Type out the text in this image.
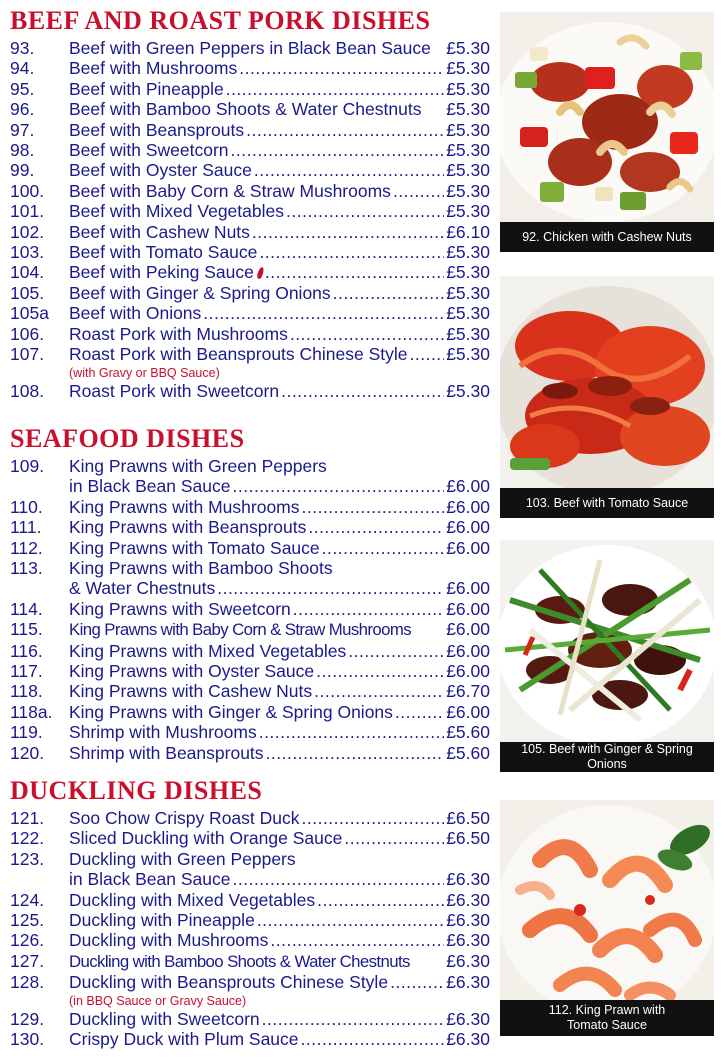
BEEF AND ROAST PORK DISHES
93.	Beef with Green Peppers in Black Bean Sauce £5.30
94.	Beef with Mushrooms .....	£5.30
95.	Beef with Pineapple .....	£5.30
96.	Beef with Bamboo Shoots & Water Chestnuts	£5.30
97.	Beef with Beansprouts .....	£5.30
98.	Beef with Sweetcorn .....	£5.30
99.	Beef with Oyster Sauce .....	£5.30
100.	Beef with Baby Corn & Straw Mushrooms .....	£5.30
101.	Beef with Mixed Vegetables .....	£5.30
102.	Beef with Cashew Nuts .....	£6.10
103.	Beef with Tomato Sauce .....	£5.30
104.	Beef with Peking Sauce .....	£5.30
105.	Beef with Ginger & Spring Onions .....	£5.30
105a	Beef with Onions .....	£5.30
106.	Roast Pork with Mushrooms .....	£5.30
107.	Roast Pork with Beansprouts Chinese Style ..... £5.30
(with Gravy or BBQ Sauce)
108.	Roast Pork with Sweetcorn .....	£5.30
SEAFOOD DISHES
109.	King Prawns with Green Peppers
in Black Bean Sauce .....	£6.00
110.	King Prawns with Mushrooms .....	£6.00
111.	King Prawns with Beansprouts .....	£6.00
112.	King Prawns with Tomato Sauce .....	£6.00
113.	King Prawns with Bamboo Shoots
& Water Chestnuts .....	£6.00
114.	King Prawns with Sweetcorn .....	£6.00
115.	King Prawns with Baby Corn & Straw Mushrooms	£6.00
116.	King Prawns with Mixed Vegetables .....	£6.00
117.	King Prawns with Oyster Sauce .....	£6.00
118.	King Prawns with Cashew Nuts .....	£6.70
118a. King Prawns with Ginger & Spring Onions .....	£6.00
119.	Shrimp with Mushrooms .....	£5.60
120.	Shrimp with Beansprouts .....	£5.60
DUCKLING DISHES
121.	Soo Chow Crispy Roast Duck .....	£6.50
122.	Sliced Duckling with Orange Sauce .....	£6.50
123.	Duckling with Green Peppers
in Black Bean Sauce .....	£6.30
124.	Duckling with Mixed Vegetables .....	£6.30
125.	Duckling with Pineapple .....	£6.30
126.	Duckling with Mushrooms .....	£6.30
127.	Duckling with Bamboo Shoots & Water Chestnuts	£6.30
128.	Duckling with Beansprouts Chinese Style .....	£6.30
(in BBQ Sauce or Gravy Sauce)
129.	Duckling with Sweetcorn .....	£6.30
130.	Crispy Duck with Plum Sauce .....	£6.30
92. Chicken with Cashew Nuts
103. Beef with Tomato Sauce
105. Beef with Ginger & Spring Onions
112. King Prawn with
Tomato Sauce
